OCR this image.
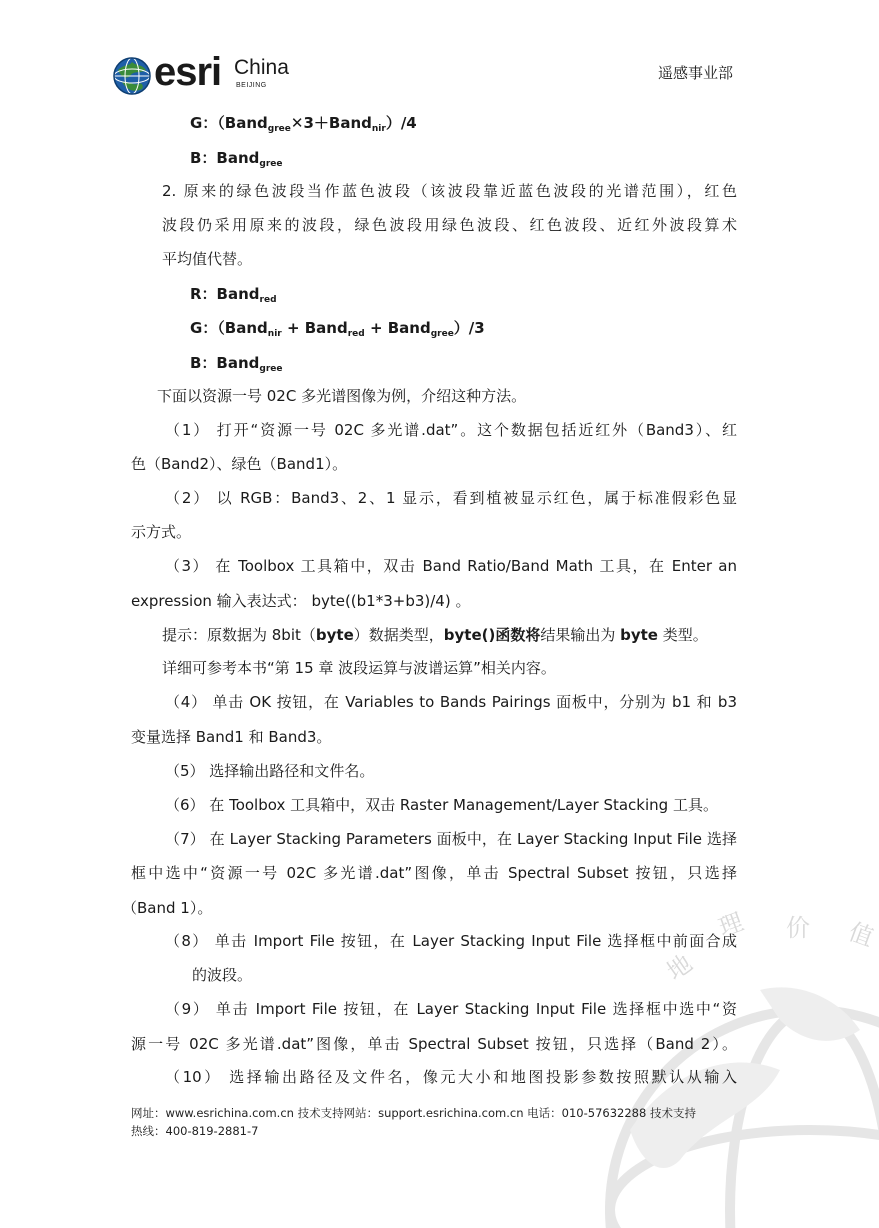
esri China
BEIJING
遥感事业部
地
理 价 值
G：（Band$_{gree}$✕3＋Band$_{nir}$）/4
B：Band$_{gree}$
2. 原来的绿色波段当作蓝色波段（该波段靠近蓝色波段的光谱范围），红色
波段仍采用原来的波段，绿色波段用绿色波段、红色波段、近红外波段算术
平均值代替。
R：Band$_{red}$
G：（Band$_{nir}$ + Band$_{red}$ + Band$_{gree}$）/3
B：Band$_{gree}$
下面以资源一号 02C 多光谱图像为例，介绍这种方法。
（1） 打开“资源一号 02C 多光谱.dat”。这个数据包括近红外（Band3）、红
色（Band2）、绿色（Band1）。
（2） 以 RGB：Band3、2、1 显示，看到植被显示红色，属于标准假彩色显
示方式。
（3） 在 Toolbox 工具箱中，双击 Band Ratio/Band Math 工具，在 Enter an
expression 输入表达式： byte((b1*3+b3)/4) 。
提示：原数据为 8bit（byte）数据类型，byte()函数将结果输出为 byte 类型。
详细可参考本书“第 15 章 波段运算与波谱运算”相关内容。
（4） 单击 OK 按钮，在 Variables to Bands Pairings 面板中，分别为 b1 和 b3
变量选择 Band1 和 Band3。
（5） 选择输出路径和文件名。
（6） 在 Toolbox 工具箱中，双击 Raster Management/Layer Stacking 工具。
（7） 在 Layer Stacking Parameters 面板中，在 Layer Stacking Input File 选择
框中选中“资源一号 02C 多光谱.dat”图像，单击 Spectral Subset 按钮，只选择
（Band 1）。
（8） 单击 Import File 按钮，在 Layer Stacking Input File 选择框中前面合成
的波段。
（9） 单击 Import File 按钮，在 Layer Stacking Input File 选择框中选中“资
源一号 02C 多光谱.dat”图像，单击 Spectral Subset 按钮，只选择（Band 2）。
（10） 选择输出路径及文件名，像元大小和地图投影参数按照默认从输入
网址：www.esrichina.com.cn 技术支持网站：support.esrichina.com.cn 电话：010-57632288 技术支持
热线：400-819-2881-7
